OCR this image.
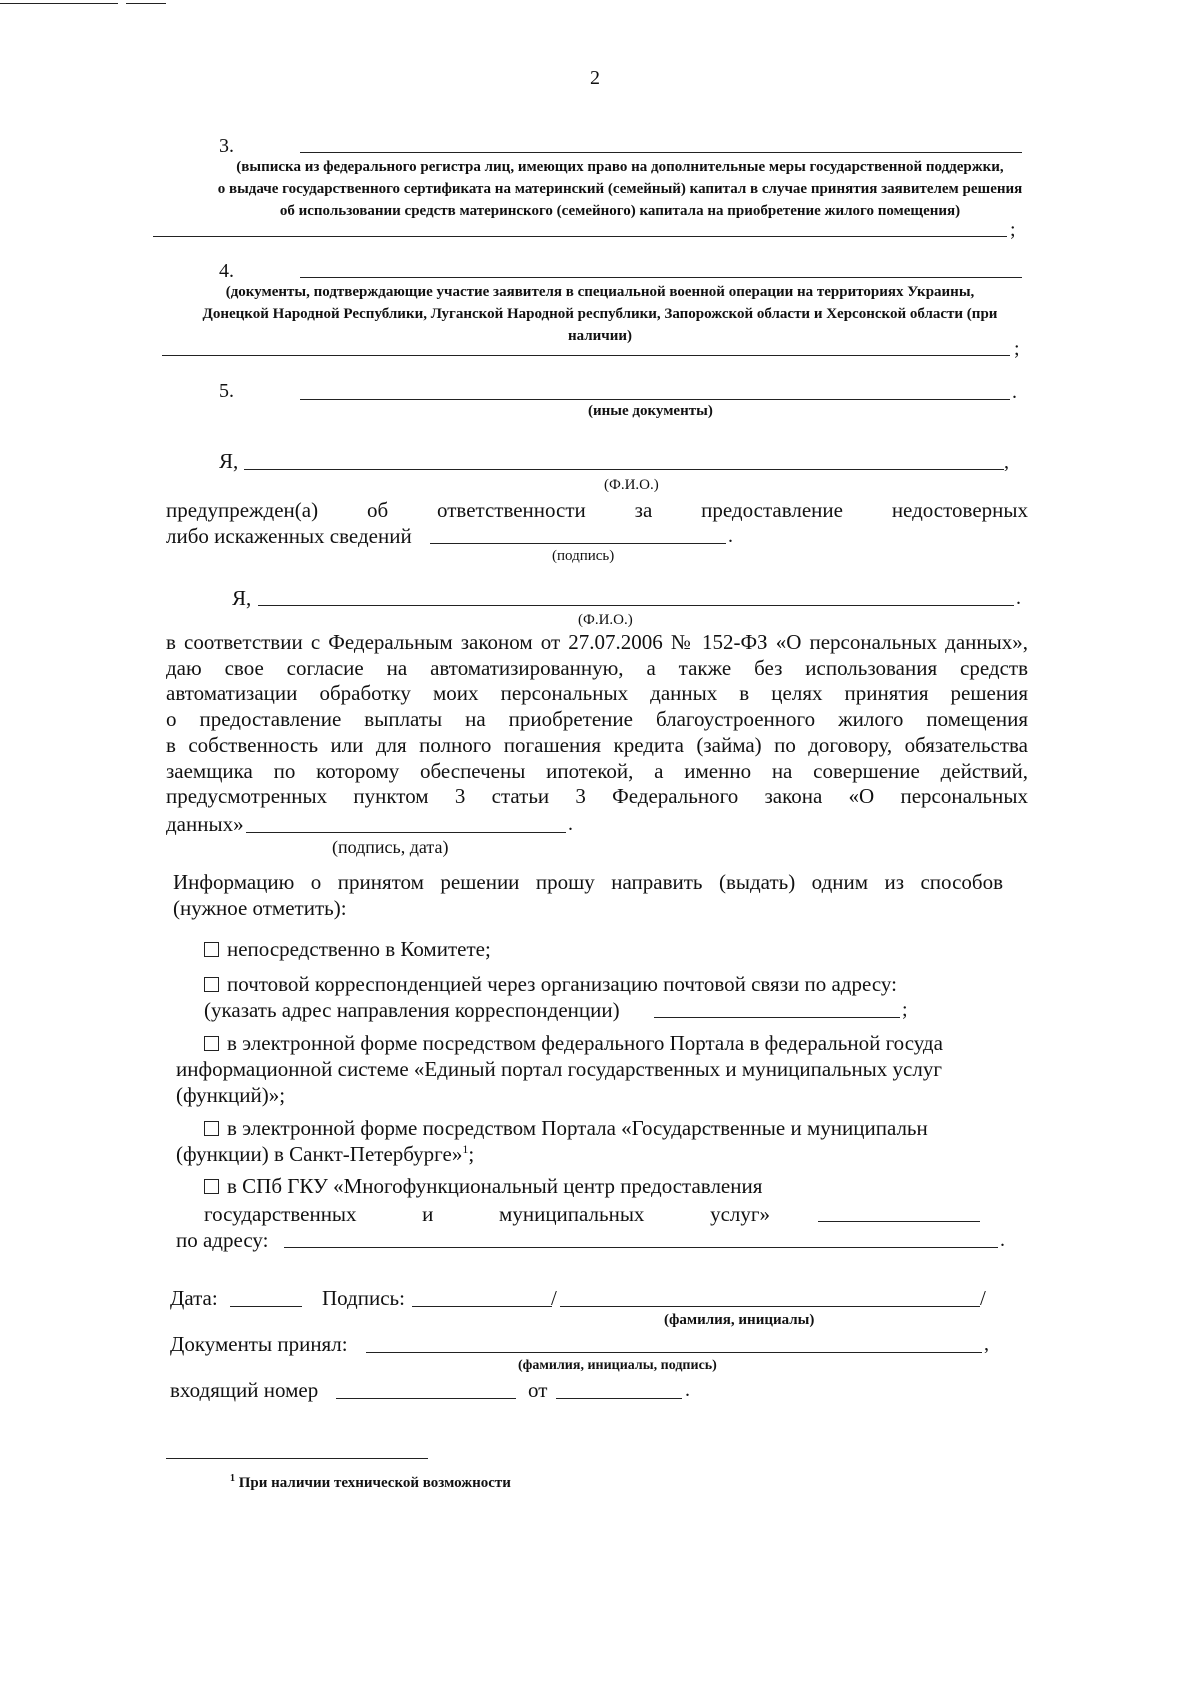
2
3.
(выписка из федерального регистра лиц, имеющих право на дополнительные меры государственной поддержки,
о выдаче государственного сертификата на материнский (семейный) капитал в случае принятия заявителем решения
об использовании средств материнского (семейного) капитала на приобретение жилого помещения)
;
4.
(документы, подтверждающие участие заявителя в специальной военной операции на территориях Украины,
Донецкой Народной Республики, Луганской Народной республики, Запорожской области и Херсонской области (при
наличии)
;
5.	.
(иные документы)
Я,	,
(Ф.И.О.)
предупрежден(а) об ответственности за предоставление недостоверных
либо искаженных сведений	.
(подпись)
Я,	.
(Ф.И.О.)
в соответствии с Федеральным законом от 27.07.2006 № 152-ФЗ «О персональных данных»,
даю свое согласие на автоматизированную, а также без использования средств
автоматизации обработку моих персональных данных в целях принятия решения
о предоставление выплаты на приобретение благоустроенного жилого помещения
в собственность или для полного погашения кредита (займа) по договору, обязательства
заемщика по которому обеспечены ипотекой, а именно на совершение действий,
предусмотренных пунктом 3 статьи 3 Федерального закона «О персональных
данных»	.
(подпись, дата)
Информацию о принятом решении прошу направить (выдать) одним из способов
(нужное отметить):
непосредственно в Комитете;
почтовой корреспонденцией через организацию почтовой связи по адресу:
(указать адрес направления корреспонденции)	;
в электронной форме посредством федерального Портала в федеральной госуда
информационной системе «Единый портал государственных и муниципальных услуг
(функций)»;
в электронной форме посредством Портала «Государственные и муниципальн
(функции) в Санкт-Петербурге»$^1$;
в СПб ГКУ «Многофункциональный центр предоставления
государственных	и	муниципальных	услуг»
по адресу:	.
Дата:	Подпись:	/	/
(фамилия, инициалы)
Документы принял:	,
(фамилия, инициалы, подпись)
входящий номер	от	.
$^1$ При наличии технической возможности
